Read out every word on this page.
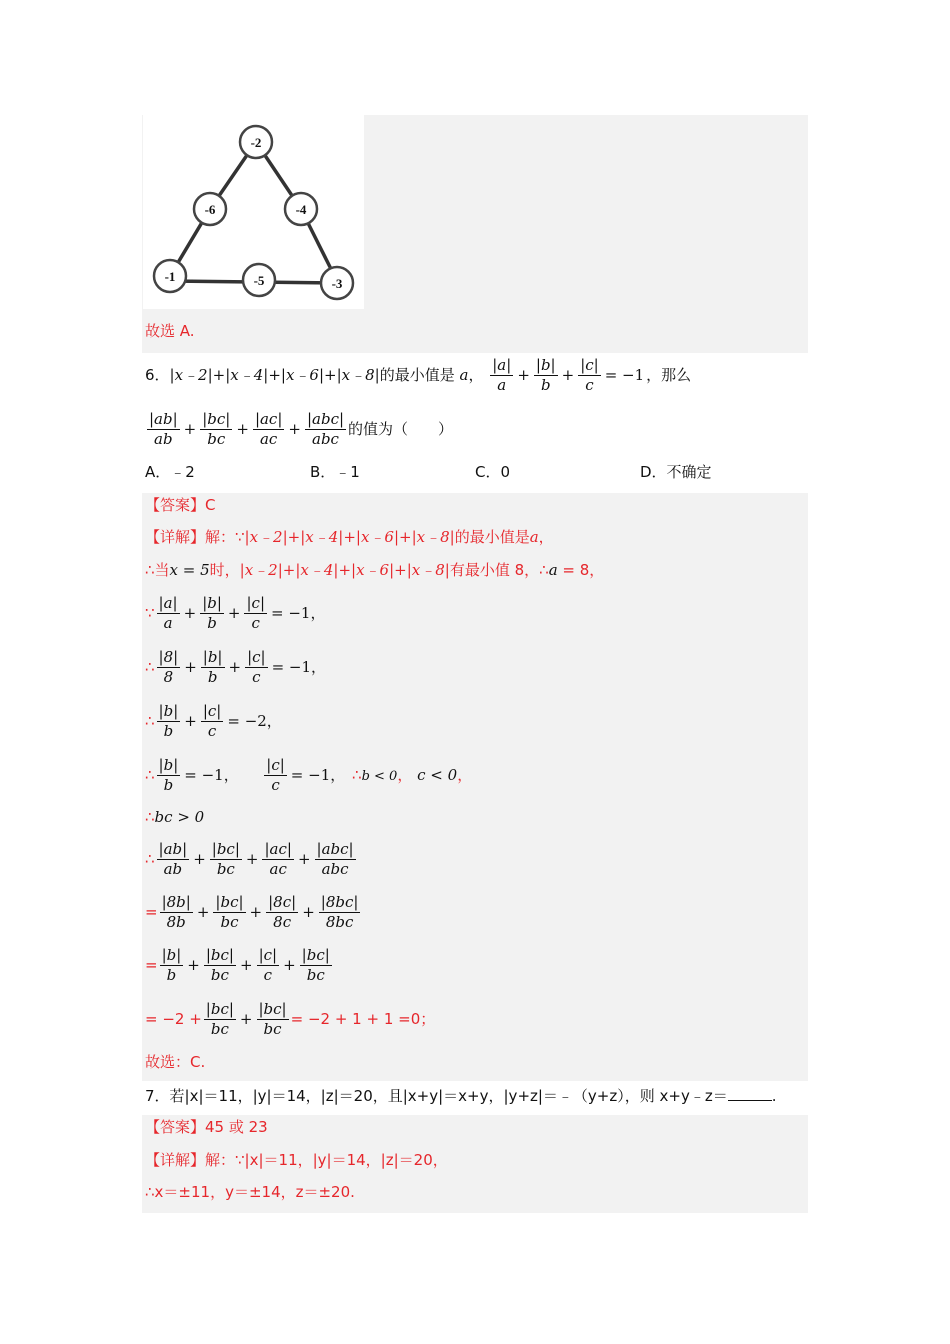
-2
-6	-4
-1	-5	-3
故选 A.
6．|x﹣2|+|x﹣4|+|x﹣6|+|x﹣8|的最小值是 a， $\frac{|a|}{a} + \frac{|b|}{b} + \frac{|c|}{c} = -1$ ，那么
$\frac{|ab|}{ab} + \frac{|bc|}{bc} + \frac{|ac|}{ac} + \frac{\text{|abc|}}{\text{abc}}$ 的值为（　　）
A．﹣2	B．﹣1	C．0	D．不确定
【答案】C
【详解】解：∵|x﹣2|+|x﹣4|+|x﹣6|+|x﹣8|的最小值是a，
∴当x = 5时，|x﹣2|+|x﹣4|+|x﹣6|+|x﹣8|有最小值 8，∴a = 8，
∵ $\frac{|a|}{a} + \frac{|b|}{b} + \frac{|c|}{c} = -1$，
∴ $\frac{|8|}{8} + \frac{|b|}{b} + \frac{|c|}{c} = -1$，
∴ $\frac{|b|}{b} + \frac{|c|}{c} = -2$，
∴ $\frac{|b|}{b} = -1$， $\frac{|c|}{c} = -1$， ∴b < 0， c < 0，
∴bc > 0
∴ $\frac{|ab|}{ab} + \frac{|bc|}{bc} + \frac{|ac|}{ac} + \frac{\text{|abc|}}{\text{abc}}$
= $\frac{|8b|}{8b} + \frac{|bc|}{bc} + \frac{|8c|}{8c} + \frac{|8bc|}{8bc}$
= $\frac{|b|}{b} + \frac{|bc|}{bc} + \frac{|c|}{c} + \frac{|bc|}{bc}$
= $-2 + \frac{|bc|}{bc} + \frac{|bc|}{bc} = -2 + 1 + 1 =0$；
故选：C.
7．若|x|＝11，|y|＝14，|z|＝20，且|x+y|＝x+y，|y+z|＝﹣（y+z），则 x+y﹣z＝	.
【答案】45 或 23
【详解】解：∵|x|＝11，|y|＝14，|z|＝20，
∴x＝±11，y＝±14，z＝±20.
